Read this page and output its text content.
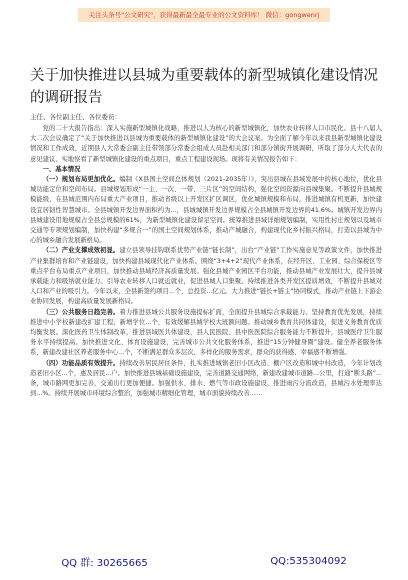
关注头条号"公文研究"，获得最新最全最专业的公文资料库！ 微信：gongwenrj
关于加快推进以县城为重要载体的新型城镇化建设情况的调研报告
主任、各位副主任、各位委员：

党的二十大报告指出：深入实施新型城镇化战略，推进以人为核心的新型城镇化，加快农业转移人口市民化。县十八届人大二次会议确定了“关于加快推进以县城为重要载体的新型城镇化建设”的大会议案。为全面了解今年以来我县新型城镇化建设情况和工作成效，近期县人大常委会副主任带领部分常委会组成人员赴相关部门和部分镇街开展调研，听取了部分人大代表的意见建议，实地察看了新型城镇化建设的重点项目，重点工程建设现场。现将有关情况报告如下：

一、基本情况

（一）规划布局更加优化。编制《X县国土空间总体规划（2021-2035年）》，突出县城在县域发展中的核心地位，优化县城功能定位和空间布局。县城规划形成“一主、一次、一带、三片区”的空间结构，强化空间资源向县城集聚。不断提升县城规模能级，在县城范围内布局重大产业项目，推动省级以上开发区扩区调区，优化城镇规模和布局，推进城镇有机更新，加快建设宜居韧性智慧城市。全县城镇开发边界面积约为...，县城城镇开发边界规模占全县城镇开发边界的41.6%。城镇开发边界内县城建设用地规模占全县总规模的61%，为新型城镇化建设留足空间。统筹推进县域详细规划编制，实用性村庄规划以及城市交通等专项规划编制，加快构建“多规合一”的国土空间规划体系，推动产城融合，构建现代化乡村振兴格局，打造以县城为中心的城乡融合发展新格局。

（二）产业支撑成效初显。建立县领导挂钩联系优势产业链“链长制”，出台“产业链”工作实施意见等政策文件，加快推进产业集群培育和产业链建设，加快构建县域现代化产业体系。围绕“3+4+2”现代产业体系，在经开区、工业园、综合保税区等重点平台布局重点产业项目，加快推动县域经济高质量发展。强化县城产业园区平台功能，推动县城产业发展壮大，提升县城承载能力和吸纳就业能力。引导农业转移人口就近就业，促进县城人口集聚。持续推进各类开发区提质增效，不断提升县城对人口和产业的吸引力。今年以来，全县新签约项目...个，总投资...亿元。大力推进“链长+链主”协同模式，推动产业链上下游企业协同发展，构建高质量发展新格局。

（三）公共服务日趋完善。着力推进县城公共服务设施提标扩面，全面提升县城综合承载能力。坚持教育优先发展，持续推进中小学校新建改扩建工程，新增学位...个，有效缓解县城学校大班额问题。推动城乡教育共同体建设，促进义务教育优质均衡发展。深化医药卫生体制改革，推进县域医共体建设，县人民医院、县中医医院综合服务能力不断提升，县城医疗卫生服务水平持续提高。加快推进文化、体育设施建设，完善城市公共文化服务体系，推进“15分钟健身圈”建设。健全养老服务体系，新建改建社区养老服务中心...个，不断满足群众多层次、多样化的服务需求，群众的获得感、幸福感不断增强。

（四）功能品质有效提升。持续改善居民居住条件，扎实推进城镇老旧小区改造、棚户区改造和城中村改造，今年计划改造老旧小区...个，惠及居民...户。加快推进县城基础设施建设，完善道路交通网络，新建改建城市道路...公里，打通“断头路”...条，城市路网更加完善，交通出行更加便捷。加强供水、排水、燃气等市政设施建设，推进雨污分流改造，县城污水处理率达到...%。持续开展城市环境综合整治，加强城市精细化管理，城市面貌持续改善……

QQ 群: 30265665	QQ:535304092
